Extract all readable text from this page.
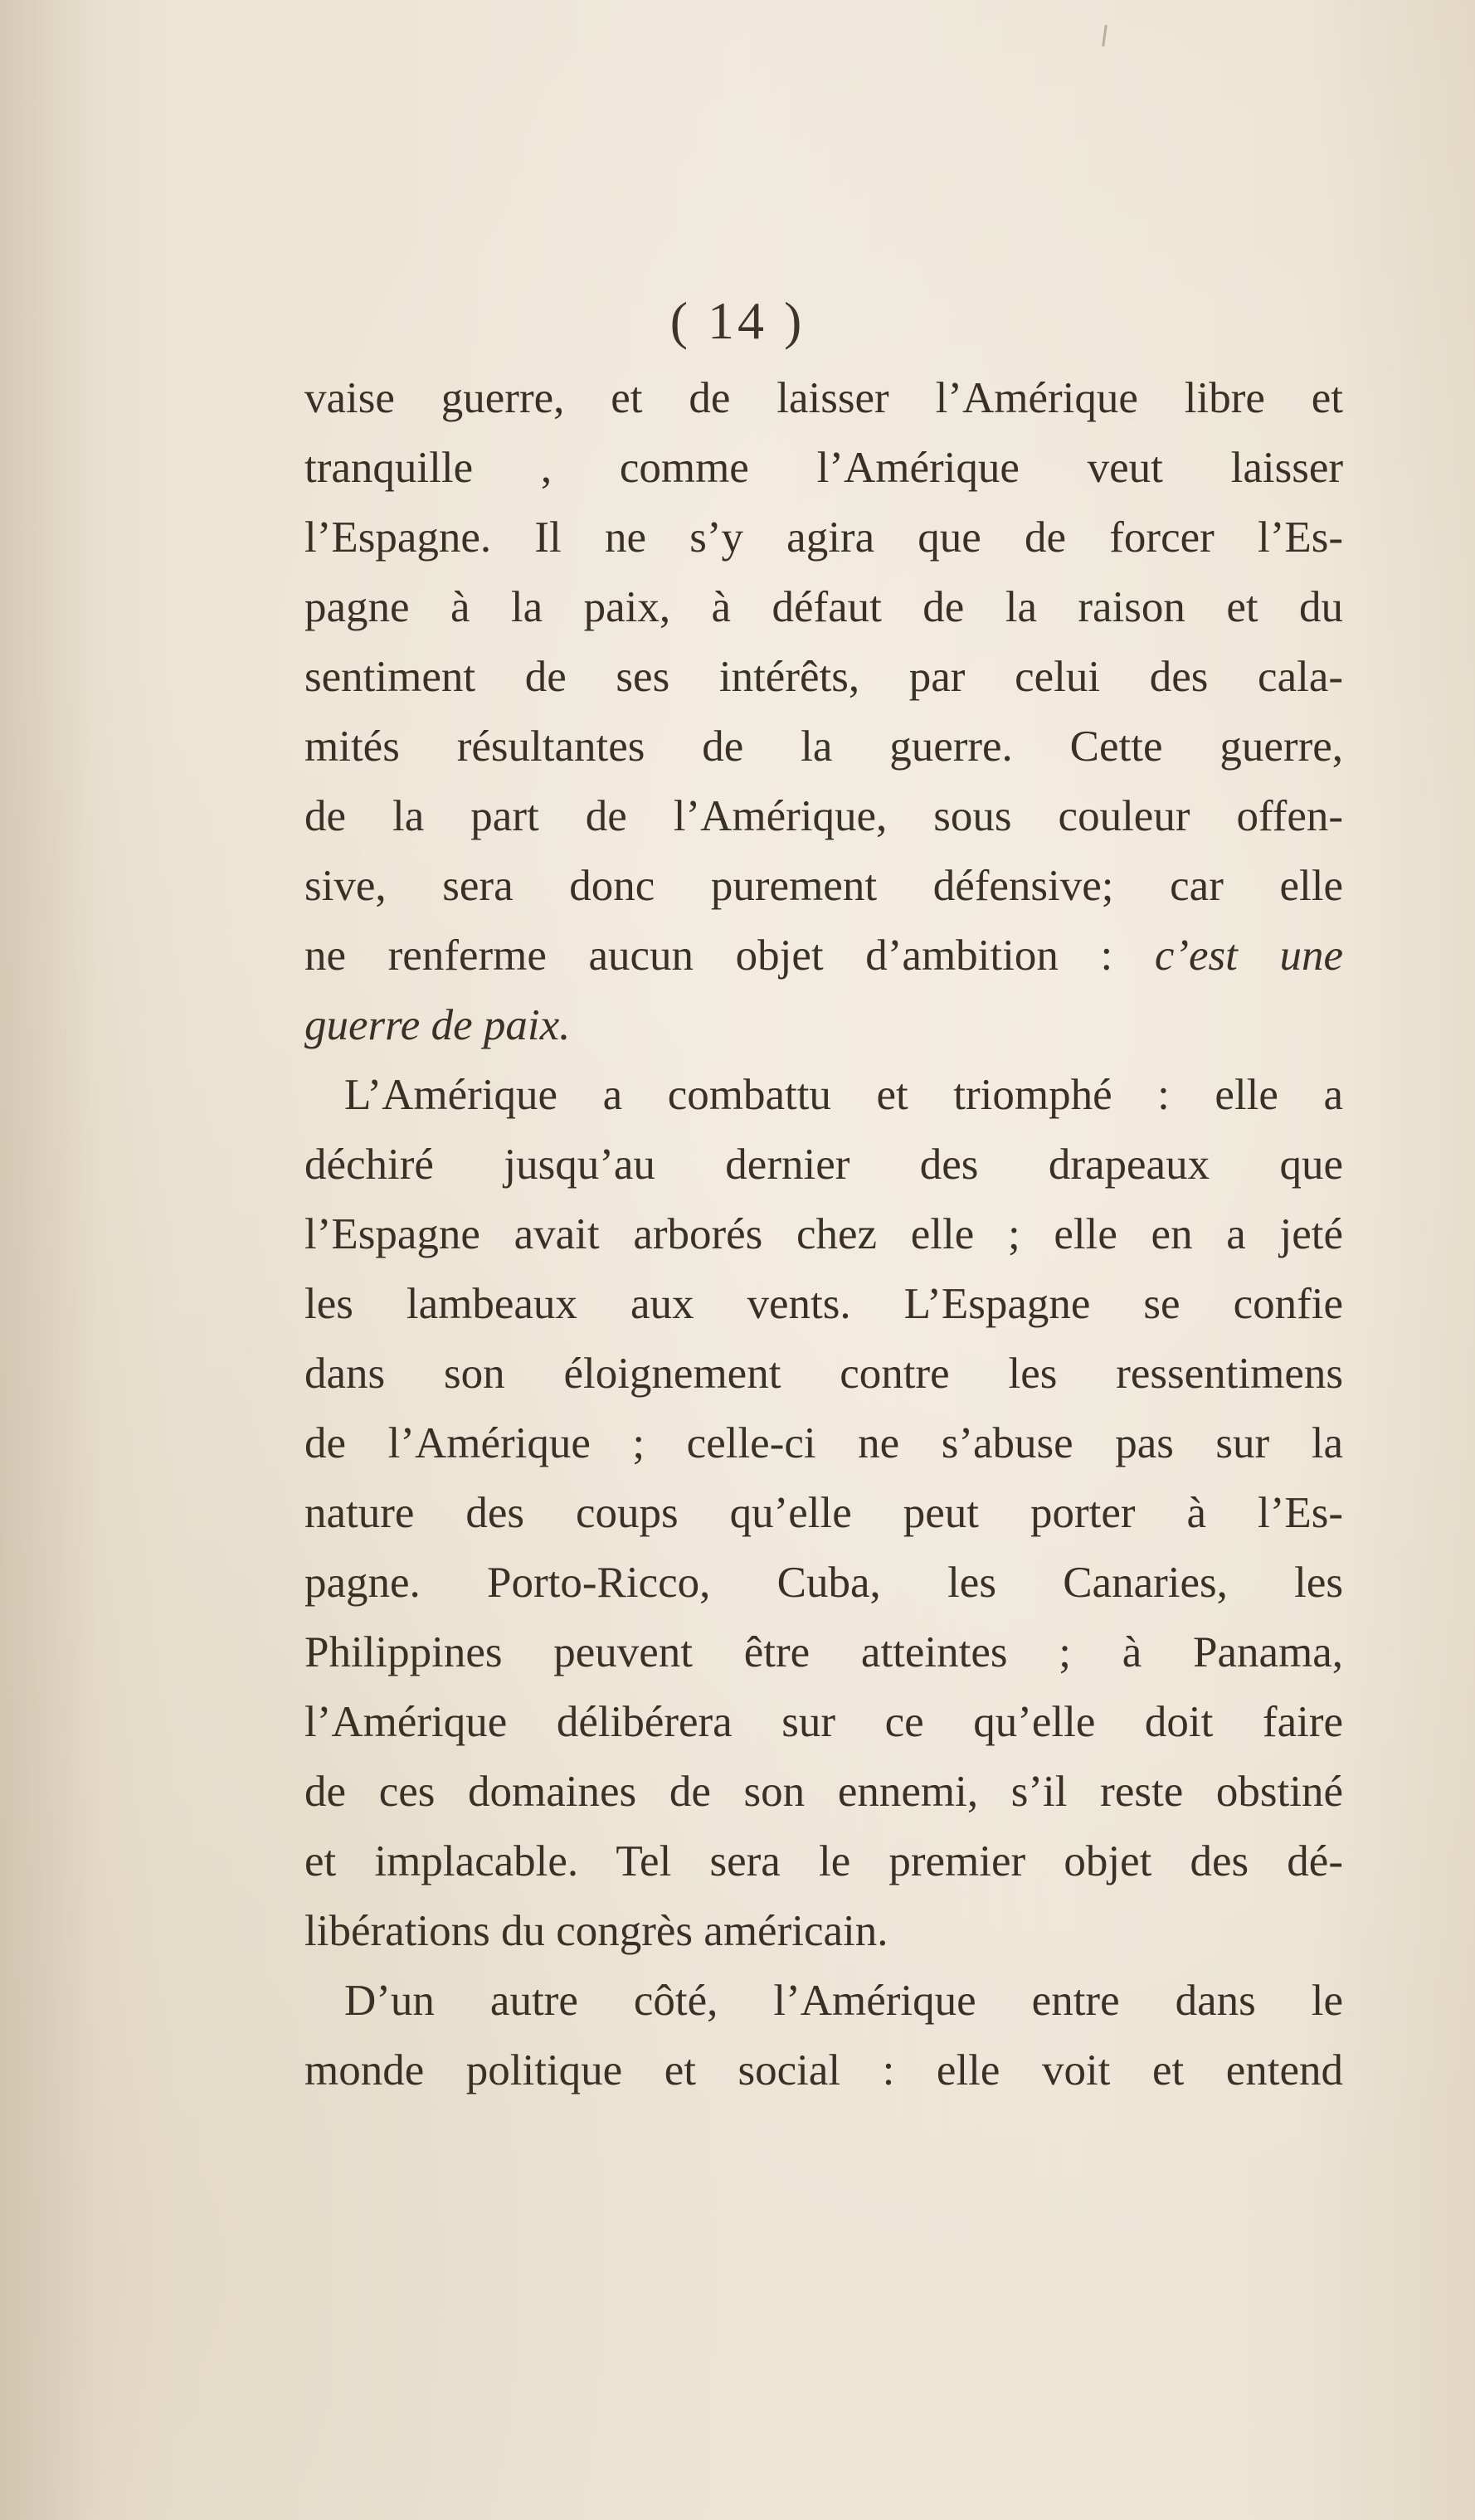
( 14 )
vaise guerre, et de laisser l’Amérique libre et
tranquille , comme l’Amérique veut laisser
l’Espagne. Il ne s’y agira que de forcer l’Es-
pagne à la paix, à défaut de la raison et du
sentiment de ses intérêts, par celui des cala-
mités résultantes de la guerre. Cette guerre,
de la part de l’Amérique, sous couleur offen-
sive, sera donc purement défensive; car elle
ne renferme aucun objet d’ambition : c’est une
guerre de paix.
L’Amérique a combattu et triomphé : elle a
déchiré jusqu’au dernier des drapeaux que
l’Espagne avait arborés chez elle ; elle en a jeté
les lambeaux aux vents. L’Espagne se confie
dans son éloignement contre les ressentimens
de l’Amérique ; celle-ci ne s’abuse pas sur la
nature des coups qu’elle peut porter à l’Es-
pagne. Porto-Ricco, Cuba, les Canaries, les
Philippines peuvent être atteintes ; à Panama,
l’Amérique délibérera sur ce qu’elle doit faire
de ces domaines de son ennemi, s’il reste obstiné
et implacable. Tel sera le premier objet des dé-
libérations du congrès américain.
D’un autre côté, l’Amérique entre dans le
monde politique et social : elle voit et entend
